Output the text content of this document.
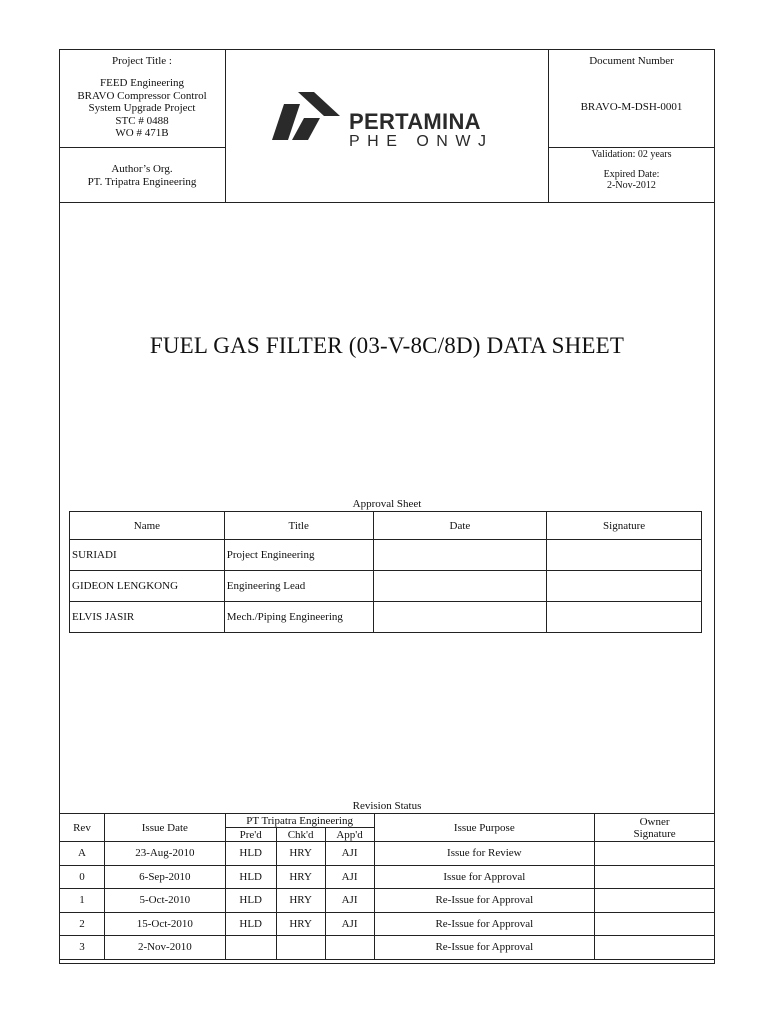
Project Title :
FEED Engineering
BRAVO Compressor Control
System Upgrade Project
STC # 0488
WO # 471B
Author’s Org.
PT. Tripatra Engineering
PERTAMINA
PHE ONWJ
Document Number
BRAVO-M-DSH-0001
Validation: 02 years
Expired Date:
2-Nov-2012
FUEL GAS FILTER (03-V-8C/8D) DATA SHEET
Approval Sheet
Name	Title	Date	Signature
SURIADI	Project Engineering		
GIDEON LENGKONG	Engineering Lead		
ELVIS JASIR	Mech./Piping Engineering		
Revision Status
Rev	Issue Date	PT Tripatra Engineering			Issue Purpose	Owner
Signature

		Pre'd	Chk'd	App'd		
A	23-Aug-2010	HLD	HRY	AJI	Issue for Review	
0	6-Sep-2010	HLD	HRY	AJI	Issue for Approval	
1	5-Oct-2010	HLD	HRY	AJI	Re-Issue for Approval	
2	15-Oct-2010	HLD	HRY	AJI	Re-Issue for Approval	
3	2-Nov-2010				Re-Issue for Approval	
